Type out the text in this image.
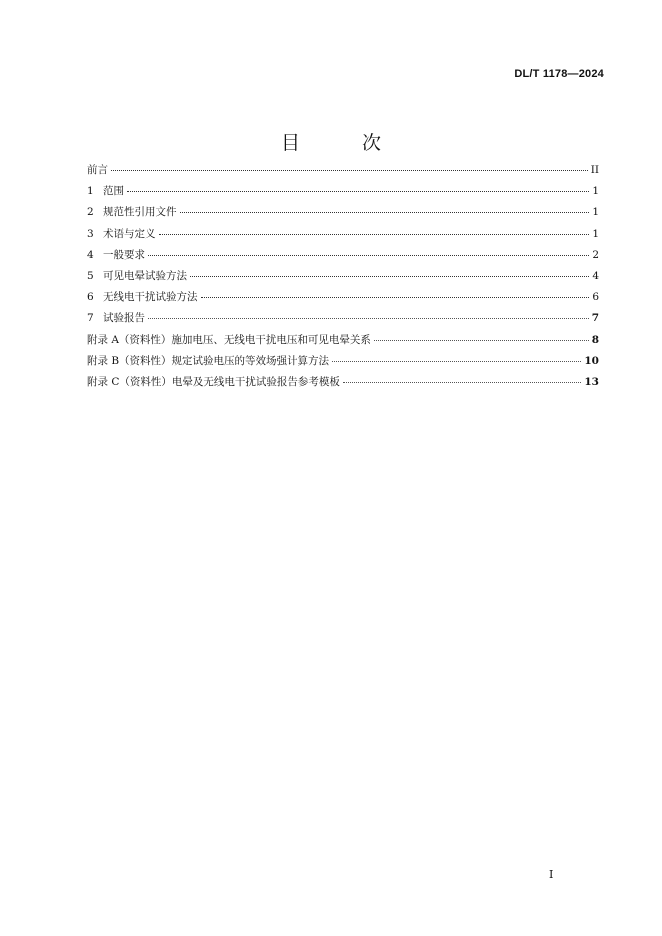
DL/T 1178—2024
目 次
前言	II
1 范围	1
2 规范性引用文件	1
3 术语与定义	1
4 一般要求	2
5 可见电晕试验方法	4
6 无线电干扰试验方法	6
7 试验报告	7
附录 A（资料性）施加电压、无线电干扰电压和可见电晕关系	8
附录 B（资料性）规定试验电压的等效场强计算方法	10
附录 C（资料性）电晕及无线电干扰试验报告参考模板	13
I
